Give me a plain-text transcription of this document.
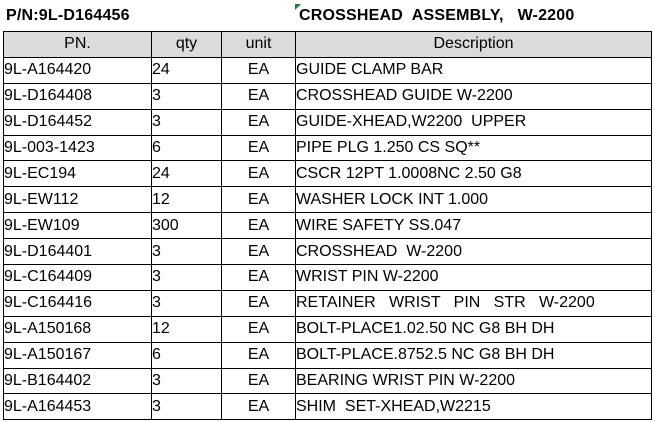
P/N:9L-D164456	CROSSHEAD  ASSEMBLY,   W-2200
PN.	qty	unit	Description
9L-A164420	24	EA	GUIDE CLAMP BAR
9L-D164408	3	EA	CROSSHEAD GUIDE W-2200
9L-D164452	3	EA	GUIDE-XHEAD,W2200  UPPER
9L-003-1423	6	EA	PIPE PLG 1.250 CS SQ**
9L-EC194	24	EA	CSCR 12PT 1.0008NC 2.50 G8
9L-EW112	12	EA	WASHER LOCK INT 1.000
9L-EW109	300	EA	WIRE SAFETY SS.047
9L-D164401	3	EA	CROSSHEAD  W-2200
9L-C164409	3	EA	WRIST PIN W-2200
9L-C164416	3	EA	RETAINER   WRIST   PIN   STR   W-2200
9L-A150168	12	EA	BOLT-PLACE1.02.50 NC G8 BH DH
9L-A150167	6	EA	BOLT-PLACE.8752.5 NC G8 BH DH
9L-B164402	3	EA	BEARING WRIST PIN W-2200
9L-A164453	3	EA	SHIM  SET-XHEAD,W2215
